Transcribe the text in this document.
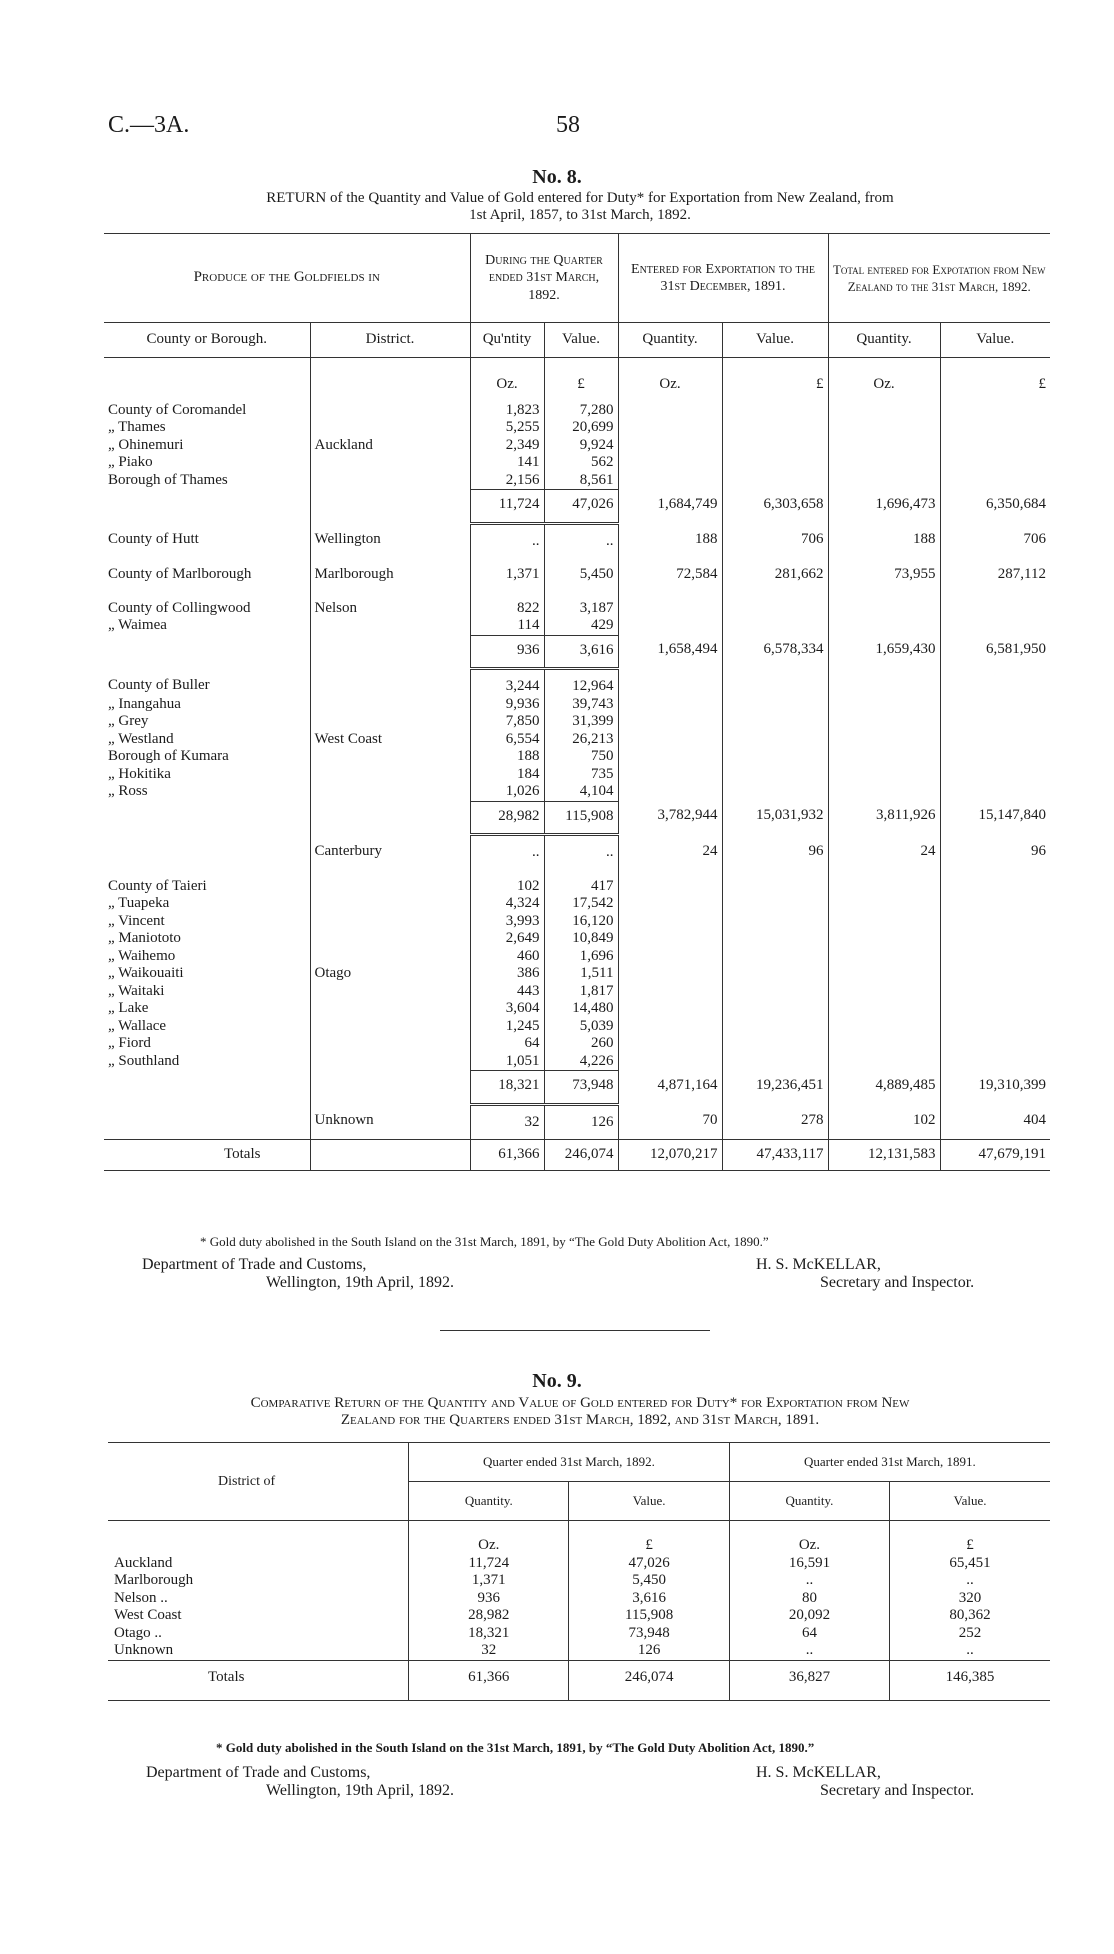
C.—3A.	58
No. 8.
RETURN of the Quantity and Value of Gold entered for Duty* for Exportation from New Zealand, from
1st April, 1857, to 31st March, 1892.
Produce of the Goldfields in		During the Quarter ended 31st March, 1892.		Entered for Exportation to the 31st December, 1891.		Total entered for Expotation from New Zealand to the 31st March, 1892.	
County or Borough.	District.	Qu'ntity	Value.	Quantity.	Value.	Quantity.	Value.
		Oz.	£	Oz.	£	Oz.	£
County of Coromandel		1,823	7,280				
„ Thames		5,255	20,699				
„ Ohinemuri	Auckland	2,349	9,924				
„ Piako		141	562				
Borough of Thames		2,156	8,561				
		11,724	47,026	1,684,749	6,303,658	1,696,473	6,350,684
County of Hutt	Wellington	..	..	188	706	188	706
County of Marlborough	Marlborough	1,371	5,450	72,584	281,662	73,955	287,112
County of Collingwood	Nelson	822	3,187				
„ Waimea		114	429				
		936	3,616	1,658,494	6,578,334	1,659,430	6,581,950
County of Buller		3,244	12,964				
„ Inangahua		9,936	39,743				
„ Grey		7,850	31,399				
„ Westland	West Coast	6,554	26,213				
Borough of Kumara		188	750				
„ Hokitika		184	735				
„ Ross		1,026	4,104				
		28,982	115,908	3,782,944	15,031,932	3,811,926	15,147,840
	Canterbury	..	..	24	96	24	96
County of Taieri		102	417				
„ Tuapeka		4,324	17,542				
„ Vincent		3,993	16,120				
„ Maniototo		2,649	10,849				
„ Waihemo		460	1,696				
„ Waikouaiti	Otago	386	1,511				
„ Waitaki		443	1,817				
„ Lake		3,604	14,480				
„ Wallace		1,245	5,039				
„ Fiord		64	260				
„ Southland		1,051	4,226				
		18,321	73,948	4,871,164	19,236,451	4,889,485	19,310,399
	Unknown	32	126	70	278	102	404
Totals		61,366	246,074	12,070,217	47,433,117	12,131,583	47,679,191
* Gold duty abolished in the South Island on the 31st March, 1891, by “The Gold Duty Abolition Act, 1890.”
Department of Trade and Customs,
Wellington, 19th April, 1892.
H. S. McKELLAR,
Secretary and Inspector.
No. 9.
Comparative Return of the Quantity and Value of Gold entered for Duty* for Exportation from New
Zealand for the Quarters ended 31st March, 1892, and 31st March, 1891.
District of	Quarter ended 31st March, 1892.		Quarter ended 31st March, 1891.	
	Quantity.	Value.	Quantity.	Value.
	Oz.	£	Oz.	£
Auckland	11,724	47,026	16,591	65,451
Marlborough	1,371	5,450	..	..
Nelson ..	936	3,616	80	320
West Coast	28,982	115,908	20,092	80,362
Otago ..	18,321	73,948	64	252
Unknown	32	126	..	..
Totals	61,366	246,074	36,827	146,385
* Gold duty abolished in the South Island on the 31st March, 1891, by “The Gold Duty Abolition Act, 1890.”
Department of Trade and Customs,
Wellington, 19th April, 1892.
H. S. McKELLAR,
Secretary and Inspector.
